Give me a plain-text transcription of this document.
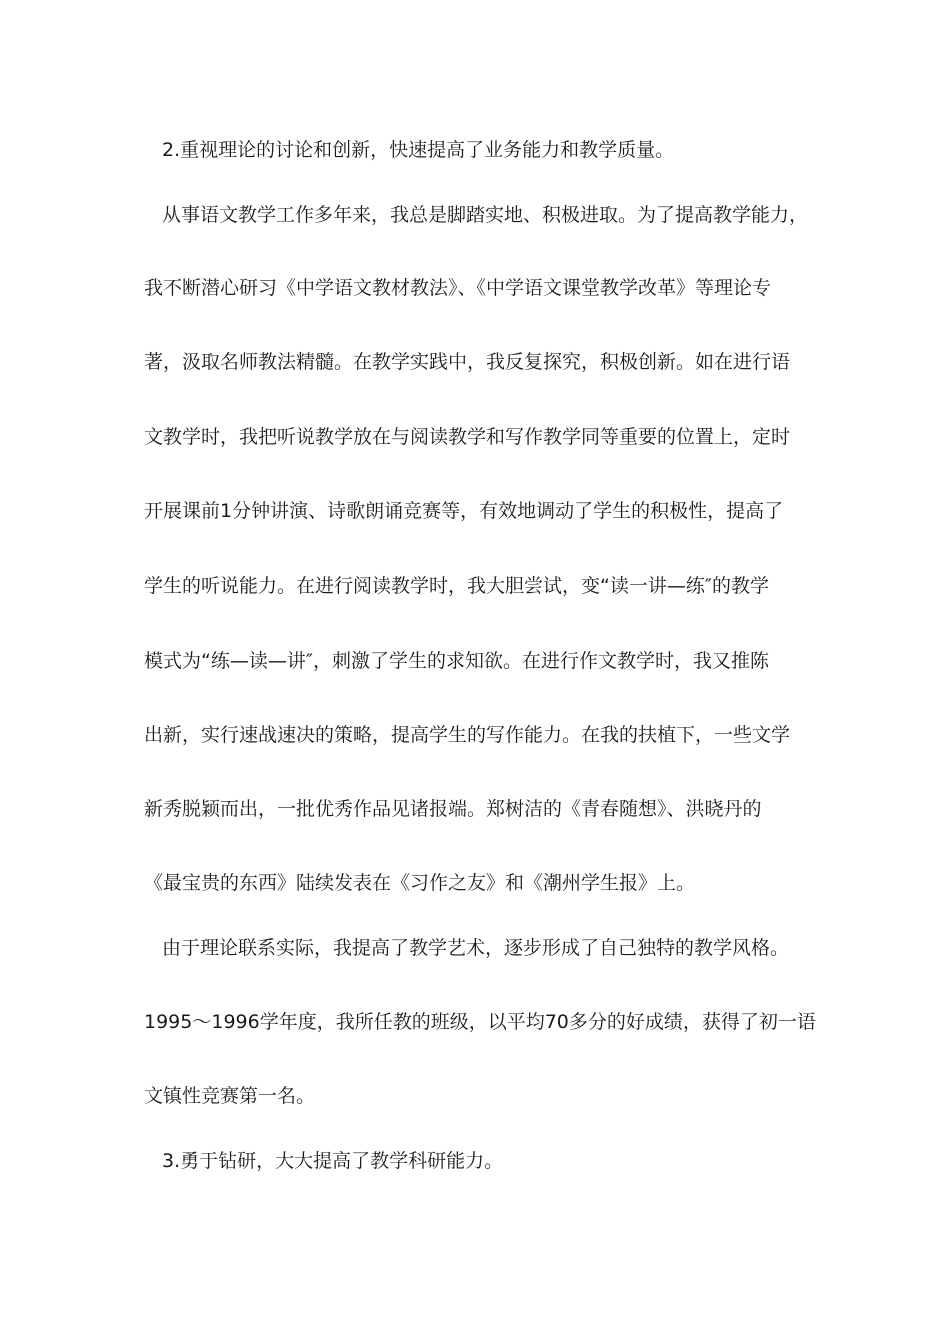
2.重视理论的讨论和创新，快速提高了业务能力和教学质量。
从事语文教学工作多年来，我总是脚踏实地、积极进取。为了提高教学能力，
我不断潜心研习《中学语文教材教法》、《中学语文课堂教学改革》等理论专
著，汲取名师教法精髓。在教学实践中，我反复探究，积极创新。如在进行语
文教学时，我把听说教学放在与阅读教学和写作教学同等重要的位置上，定时
开展课前1分钟讲演、诗歌朗诵竞赛等，有效地调动了学生的积极性，提高了
学生的听说能力。在进行阅读教学时，我大胆尝试，变“读一讲—练″的教学
模式为“练—读—讲″，刺激了学生的求知欲。在进行作文教学时，我又推陈
出新，实行速战速决的策略，提高学生的写作能力。在我的扶植下，一些文学
新秀脱颖而出，一批优秀作品见诸报端。郑树洁的《青春随想》、洪晓丹的
《最宝贵的东西》陆续发表在《习作之友》和《潮州学生报》上。
由于理论联系实际，我提高了教学艺术，逐步形成了自己独特的教学风格。
1995～1996学年度，我所任教的班级，以平均70多分的好成绩，获得了初一语
文镇性竞赛第一名。
3.勇于钻研，大大提高了教学科研能力。
